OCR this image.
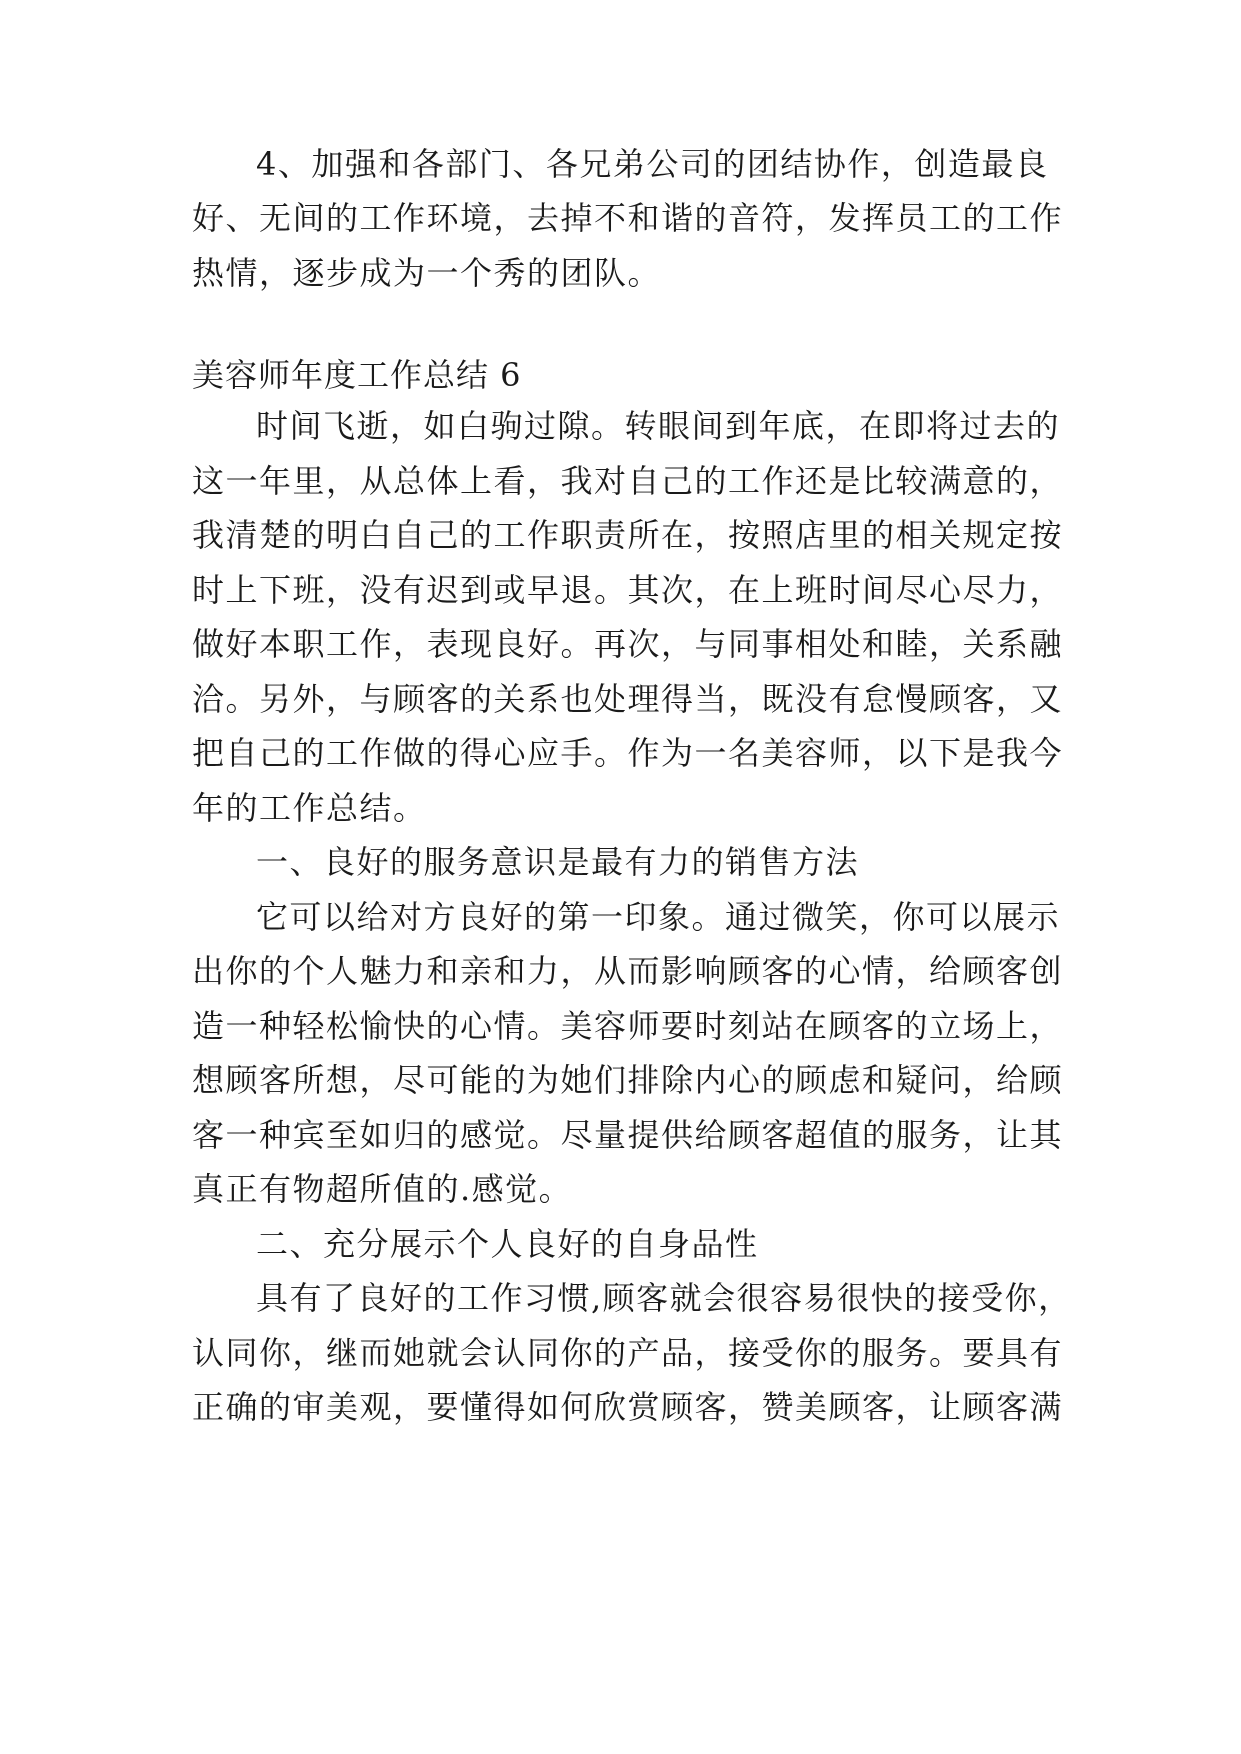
4、加强和各部门、各兄弟公司的团结协作，创造最良
好、无间的工作环境，去掉不和谐的音符，发挥员工的工作
热情，逐步成为一个秀的团队。
美容师年度工作总结 6
时间飞逝，如白驹过隙。转眼间到年底，在即将过去的
这一年里，从总体上看，我对自己的工作还是比较满意的，
我清楚的明白自己的工作职责所在，按照店里的相关规定按
时上下班，没有迟到或早退。其次，在上班时间尽心尽力，
做好本职工作，表现良好。再次，与同事相处和睦，关系融
洽。另外，与顾客的关系也处理得当，既没有怠慢顾客，又
把自己的工作做的得心应手。作为一名美容师，以下是我今
年的工作总结。
一、良好的服务意识是最有力的销售方法
它可以给对方良好的第一印象。通过微笑，你可以展示
出你的个人魅力和亲和力，从而影响顾客的心情，给顾客创
造一种轻松愉快的心情。美容师要时刻站在顾客的立场上，
想顾客所想，尽可能的为她们排除内心的顾虑和疑问，给顾
客一种宾至如归的感觉。尽量提供给顾客超值的服务，让其
真正有物超所值的.感觉。
二、充分展示个人良好的自身品性
具有了良好的工作习惯,顾客就会很容易很快的接受你，
认同你，继而她就会认同你的产品，接受你的服务。要具有
正确的审美观，要懂得如何欣赏顾客，赞美顾客，让顾客满
